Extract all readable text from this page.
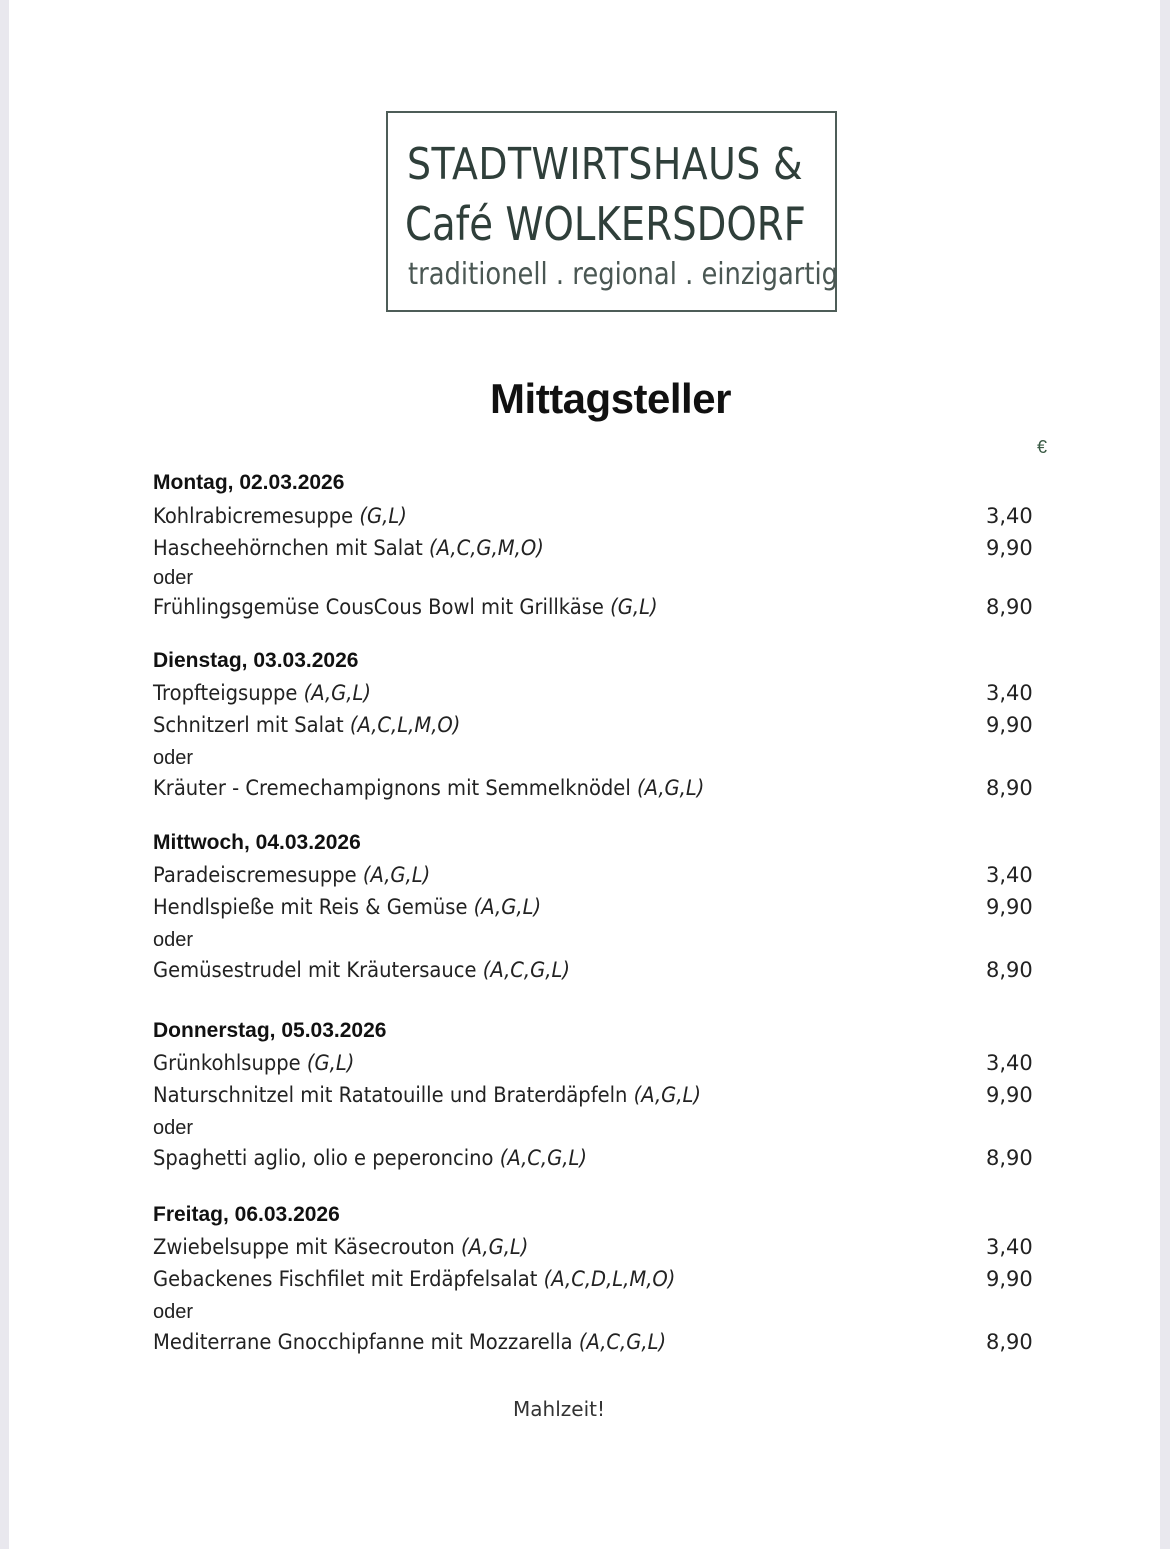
STADTWIRTSHAUS &
Café WOLKERSDORF
traditionell . regional . einzigartig
Mittagsteller
€
Montag, 02.03.2026
Kohlrabicremesuppe (G,L)	3,40
Hascheehörnchen mit Salat (A,C,G,M,O)	9,90
oder
Frühlingsgemüse CousCous Bowl mit Grillkäse (G,L)	8,90
Dienstag, 03.03.2026
Tropfteigsuppe (A,G,L)	3,40
Schnitzerl mit Salat (A,C,L,M,O)	9,90
oder
Kräuter - Cremechampignons mit Semmelknödel (A,G,L)	8,90
Mittwoch, 04.03.2026
Paradeiscremesuppe (A,G,L)	3,40
Hendlspieße mit Reis & Gemüse (A,G,L)	9,90
oder
Gemüsestrudel mit Kräutersauce (A,C,G,L)	8,90
Donnerstag, 05.03.2026
Grünkohlsuppe (G,L)	3,40
Naturschnitzel mit Ratatouille und Braterdäpfeln (A,G,L)	9,90
oder
Spaghetti aglio, olio e peperoncino (A,C,G,L)	8,90
Freitag, 06.03.2026
Zwiebelsuppe mit Käsecrouton (A,G,L)	3,40
Gebackenes Fischfilet mit Erdäpfelsalat (A,C,D,L,M,O)	9,90
oder
Mediterrane Gnocchipfanne mit Mozzarella (A,C,G,L)	8,90
Mahlzeit!
